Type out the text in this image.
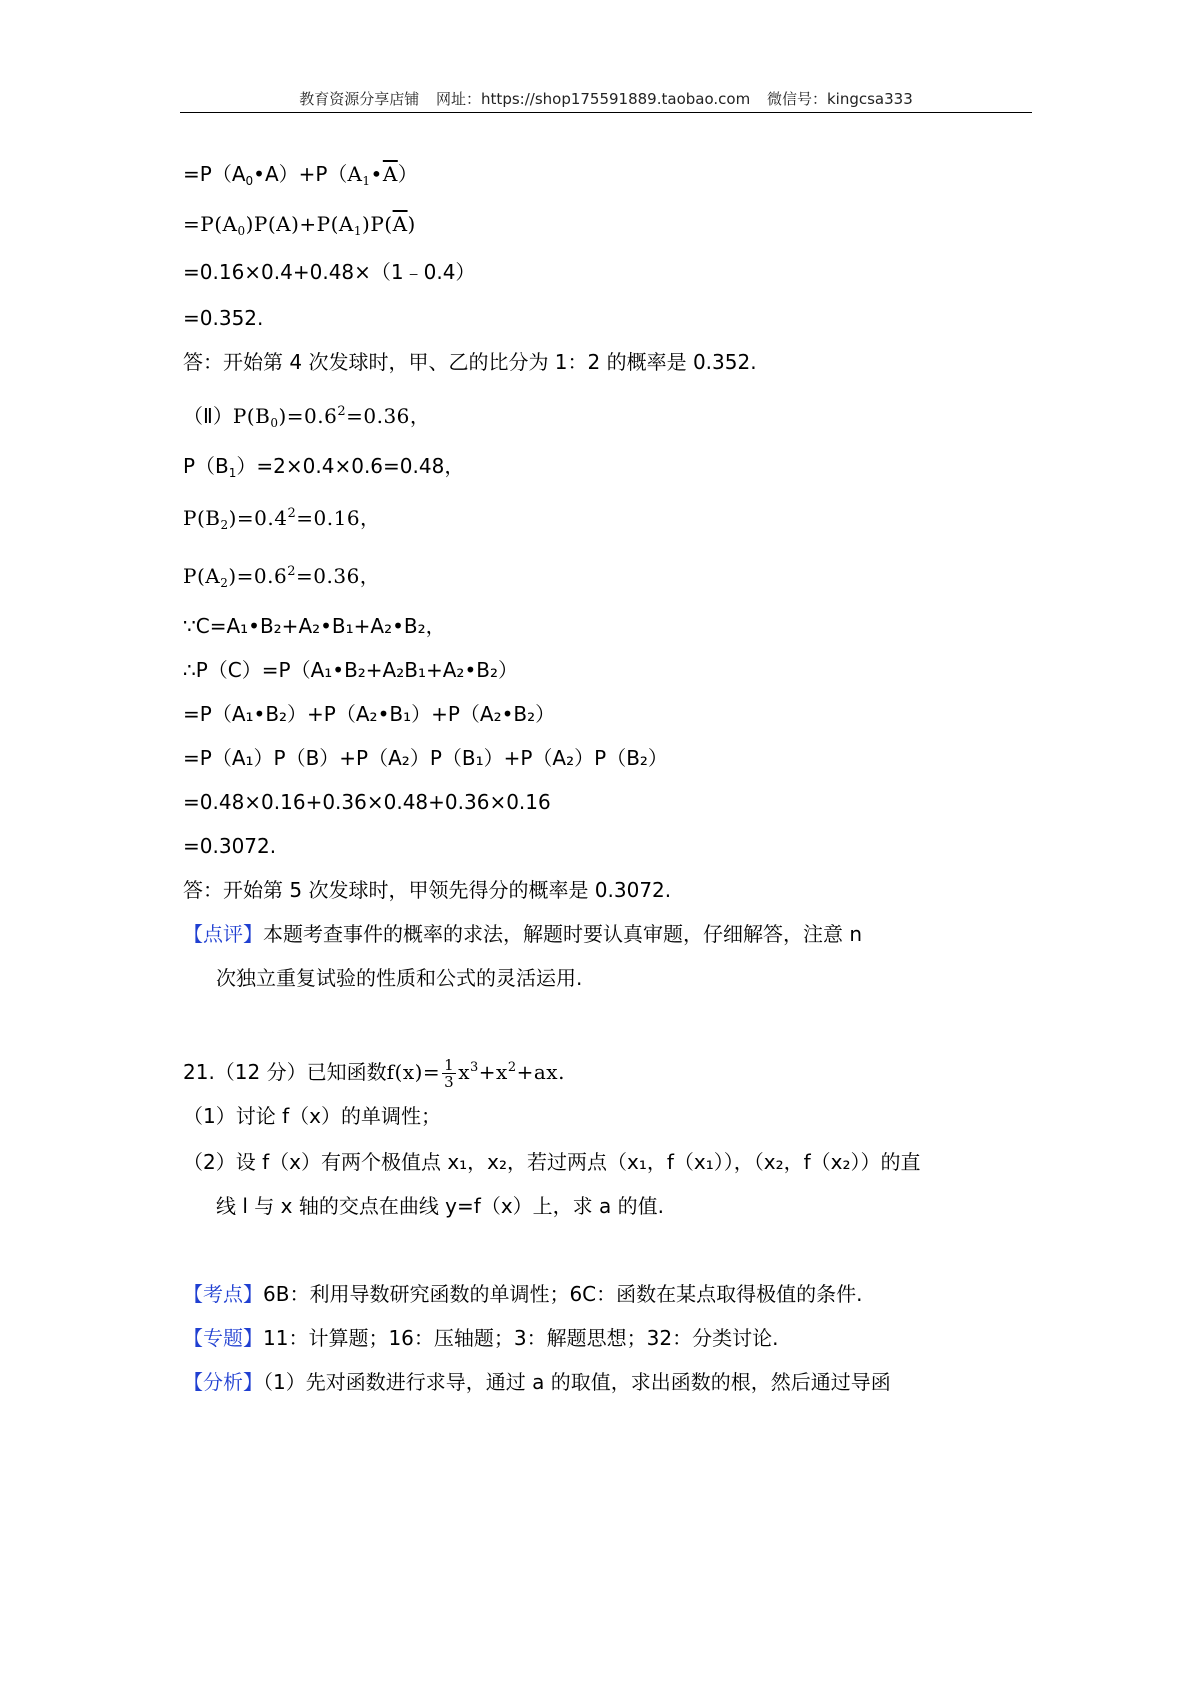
教育资源分享店铺 网址：https://shop175591889.taobao.com 微信号：kingcsa333
$=P(A_0•A)+P(A_1•\overline{A})$
$=P(A_0)P(A)+P(A_1)P(\overline{A})$
=0.16×0.4+0.48×（1﹣0.4）
=0.352.
答：开始第 4 次发球时，甲、乙的比分为 1：2 的概率是 0.352.
$(Ⅱ)P(B_0)=0.6^2=0.36$，
$P(B_1)=2\times 0.4\times 0.6=0.48$，
$P(B_2)=0.4^2=0.16$，
$P(A_2)=0.6^2=0.36$，
∵C=A₁•B₂+A₂•B₁+A₂•B₂，
∴P（C）=P（A₁•B₂+A₂B₁+A₂•B₂）
=P（A₁•B₂）+P（A₂•B₁）+P（A₂•B₂）
=P（A₁）P（B）+P（A₂）P（B₁）+P（A₂）P（B₂）
=0.48×0.16+0.36×0.48+0.36×0.16
=0.3072.
答：开始第 5 次发球时，甲领先得分的概率是 0.3072.
【点评】本题考查事件的概率的求法，解题时要认真审题，仔细解答，注意 n
次独立重复试验的性质和公式的灵活运用.
21.（12 分）已知函数$f(x)= \frac{1}{3} x^3+x^2+ax$.
（1）讨论 f（x）的单调性；
（2）设 f（x）有两个极值点 x₁，x₂，若过两点（x₁，f（x₁）），（x₂，f（x₂））的直
线 l 与 x 轴的交点在曲线 y=f（x）上，求 a 的值.
【考点】6B：利用导数研究函数的单调性；6C：函数在某点取得极值的条件.
【专题】11：计算题；16：压轴题；3：解题思想；32：分类讨论.
【分析】（1）先对函数进行求导，通过 a 的取值，求出函数的根，然后通过导函
